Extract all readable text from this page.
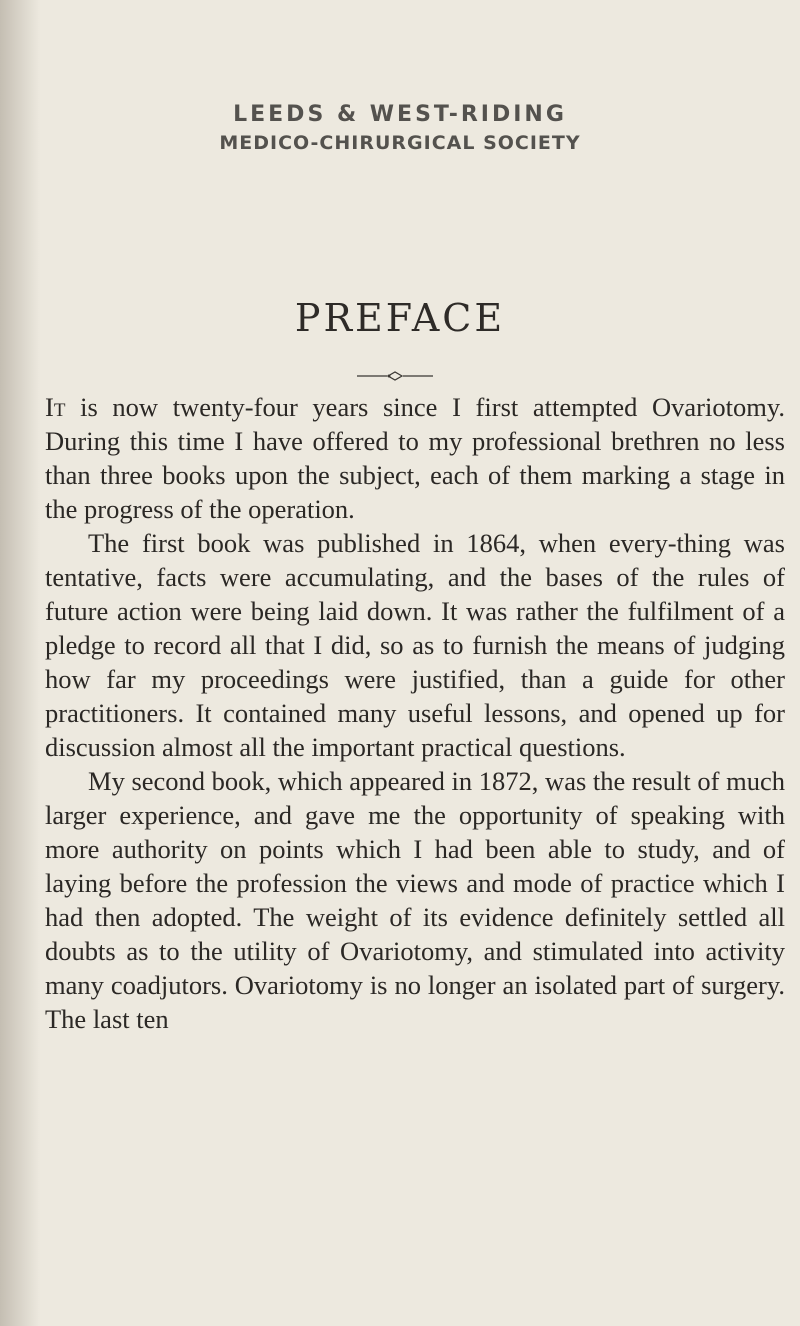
LEEDS & WEST-RIDING
MEDICO-CHIRURGICAL SOCIETY
PREFACE

It is now twenty-four years since I first attempted Ovariotomy. During this time I have offered to my professional brethren no less than three books upon the subject, each of them marking a stage in the progress of the operation.

The first book was published in 1864, when every-thing was tentative, facts were accumulating, and the bases of the rules of future action were being laid down. It was rather the fulfilment of a pledge to record all that I did, so as to furnish the means of judging how far my proceedings were justified, than a guide for other practitioners. It contained many useful lessons, and opened up for discussion almost all the important practical questions.

My second book, which appeared in 1872, was the result of much larger experience, and gave me the opportunity of speaking with more authority on points which I had been able to study, and of laying before the profession the views and mode of practice which I had then adopted. The weight of its evidence definitely settled all doubts as to the utility of Ovariotomy, and stimulated into activity many coadjutors. Ovariotomy is no longer an isolated part of surgery. The last ten
